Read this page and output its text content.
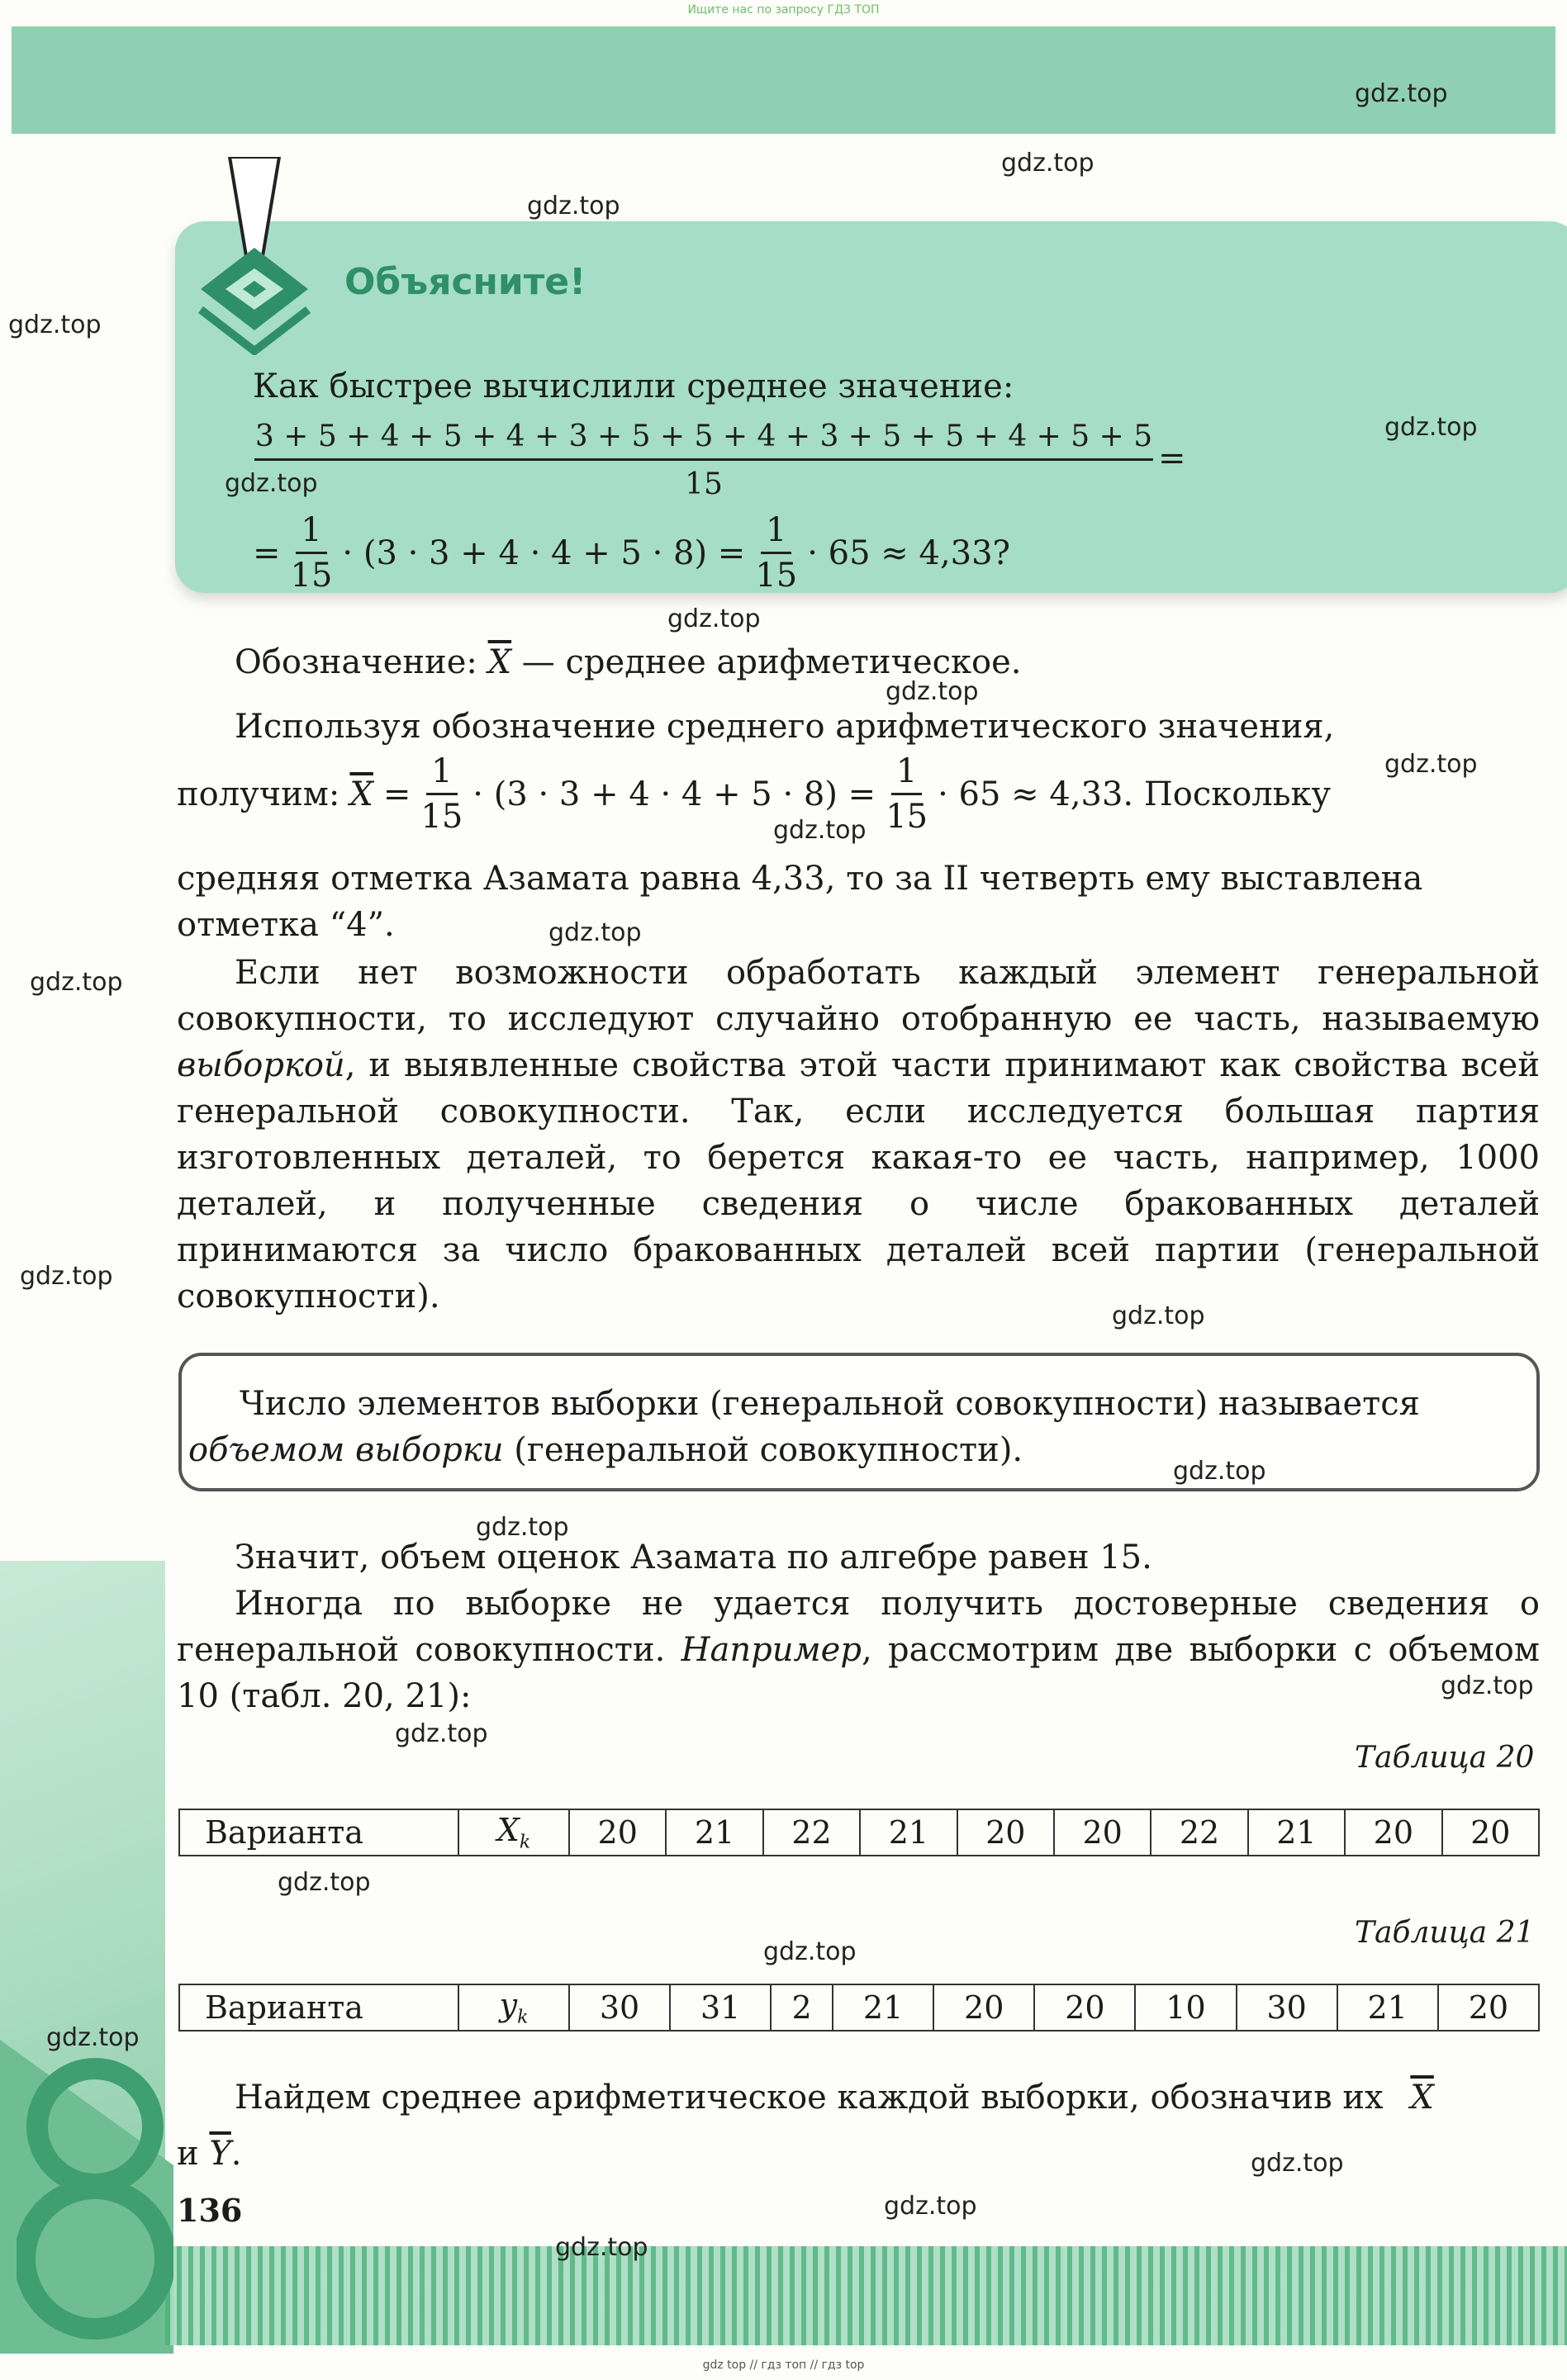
Ищите нас по запросу ГДЗ ТОП
Объясните!
Как быстрее вычислили среднее значение:
$\frac{3 + 5 + 4 + 5 + 4 + 3 + 5 + 5 + 4 + 3 + 5 + 5 + 4 + 5 + 5}{15}$ =
= $\frac{1}{15} \cdot (3 \cdot 3 + 4 \cdot 4 + 5 \cdot 8) = \frac{1}{15} \cdot 65 \approx 4,33$?
Обозначение: $\overline{X}$ — среднее арифметическое.
Используя обозначение среднего арифметического значения,
получим: $\overline{X} = \frac{1}{15} \cdot (3 \cdot 3 + 4 \cdot 4 + 5 \cdot 8) = \frac{1}{15} \cdot 65 \approx 4,33$. Поскольку
средняя отметка Азамата равна 4,33, то за II четверть ему выставлена
отметка “4”.
Если нет возможности обработать каждый элемент генеральной совокупности, то исследуют случайно отобранную ее часть, называемую выборкой, и выявленные свойства этой части принимают как свойства всей генеральной совокупности. Так, если исследуется большая партия изготовленных деталей, то берется какая-то ее часть, например, 1000 деталей, и полученные сведения о числе бракованных деталей принимаются за число бракованных деталей всей партии (генеральной совокупности).
Число элементов выборки (генеральной совокупности) называется
объемом выборки (генеральной совокупности).
Значит, объем оценок Азамата по алгебре равен 15.
Иногда по выборке не удается получить достоверные сведения о генеральной совокупности. Например, рассмотрим две выборки с объемом 10 (табл. 20, 21):
Таблица 20
Варианта	$X_k$	20	21	22	21	20	20	22	21	20	20
Таблица 21
Варианта	$y_k$	30	31	2	21	20	20	10	30	21	20
Найдем среднее арифметическое каждой выборки, обозначив их $\overline{X}$
и $\overline{Y}$.
136
gdz.top
gdz.top
gdz.top
gdz.top
gdz.top
gdz.top
gdz.top
gdz.top
gdz.top
gdz.top
gdz.top
gdz.top
gdz.top
gdz.top
gdz.top
gdz.top
gdz.top
gdz.top
gdz.top
gdz.top
gdz.top
gdz.top
gdz.top
gdz.top
gdz top // гдз топ // гдз top
